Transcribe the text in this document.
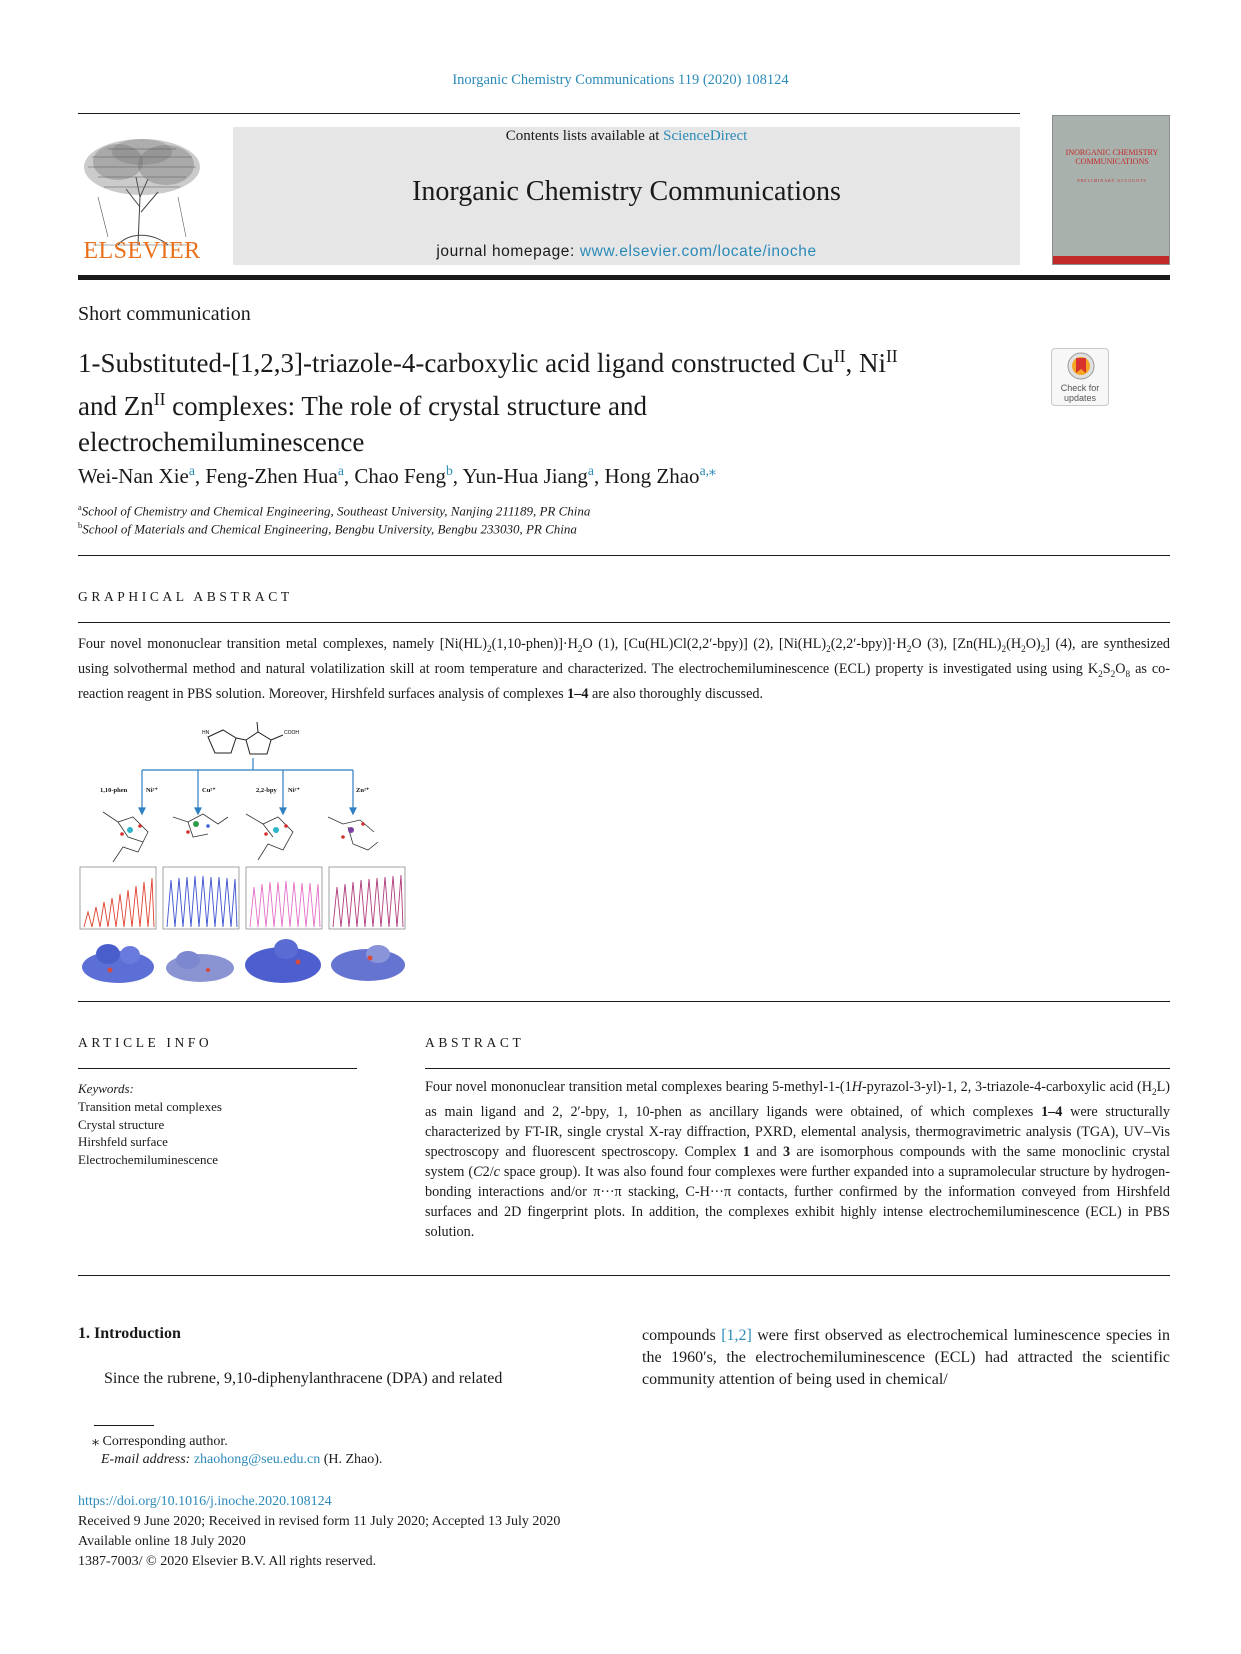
Inorganic Chemistry Communications 119 (2020) 108124
ELSEVIER
Contents lists available at ScienceDirect
Inorganic Chemistry Communications
journal homepage: www.elsevier.com/locate/inoche
INORGANIC CHEMISTRY COMMUNICATIONS
PRELIMINARY ACCOUNTS
Short communication
1-Substituted-[1,2,3]-triazole-4-carboxylic acid ligand constructed $Cu^{II}$, $Ni^{II}$
and $Zn^{II}$ complexes: The role of crystal structure and
electrochemiluminescence
Check for updates
Wei-Nan Xie$^a$, Feng-Zhen Hua$^a$, Chao Feng$^b$, Yun-Hua Jiang$^a$, Hong Zhao$^{a,⁎}$
$^a$School of Chemistry and Chemical Engineering, Southeast University, Nanjing 211189, PR China
$^b$School of Materials and Chemical Engineering, Bengbu University, Bengbu 233030, PR China
GRAPHICAL ABSTRACT
Four novel mononuclear transition metal complexes, namely $[Ni(HL)_2(1,10-phen)]\cdot H_2O$ (1), [Cu(HL)Cl(2,2′-bpy)] (2), $[Ni(HL)_2(2,2'-bpy)]\cdot H_2O$ (3), $[Zn(HL)_2(H_2O)_2]$ (4), are synthesized using solvothermal method and natural volatilization skill at room temperature and characterized. The electrochemiluminescence (ECL) property is investigated using using $K_2S_2O_8$ as co-reaction reagent in PBS solution. Moreover, Hirshfeld surfaces analysis of complexes 1–4 are also thoroughly discussed.
HN	COOH
1,10-phen	Ni²⁺	Cu²⁺	2,2-bpy Ni²⁺	Zn²⁺
ARTICLE INFO
Keywords:
Transition metal complexes
Crystal structure
Hirshfeld surface
Electrochemiluminescence
ABSTRACT
Four novel mononuclear transition metal complexes bearing 5-methyl-1-(1H-pyrazol-3-yl)-1, 2, 3-triazole-4-carboxylic acid $(H_2L)$ as main ligand and 2, 2′-bpy, 1, 10-phen as ancillary ligands were obtained, of which complexes 1–4 were structurally characterized by FT-IR, single crystal X-ray diffraction, PXRD, elemental analysis, thermogravimetric analysis (TGA), UV–Vis spectroscopy and fluorescent spectroscopy. Complex 1 and 3 are isomorphous compounds with the same monoclinic crystal system (C2/c space group). It was also found four complexes were further expanded into a supramolecular structure by hydrogen-bonding interactions and/or π···π stacking, C-H···π contacts, further confirmed by the information conveyed from Hirshfeld surfaces and 2D fingerprint plots. In addition, the complexes exhibit highly intense electrochemiluminescence (ECL) in PBS solution.
1. Introduction
Since the rubrene, 9,10-diphenylanthracene (DPA) and related
compounds [1,2] were first observed as electrochemical luminescence species in the 1960′s, the electrochemiluminescence (ECL) had attracted the scientific community attention of being used in chemical/
⁎ Corresponding author.
E-mail address: zhaohong@seu.edu.cn (H. Zhao).
https://doi.org/10.1016/j.inoche.2020.108124
Received 9 June 2020; Received in revised form 11 July 2020; Accepted 13 July 2020
Available online 18 July 2020
1387-7003/ © 2020 Elsevier B.V. All rights reserved.
